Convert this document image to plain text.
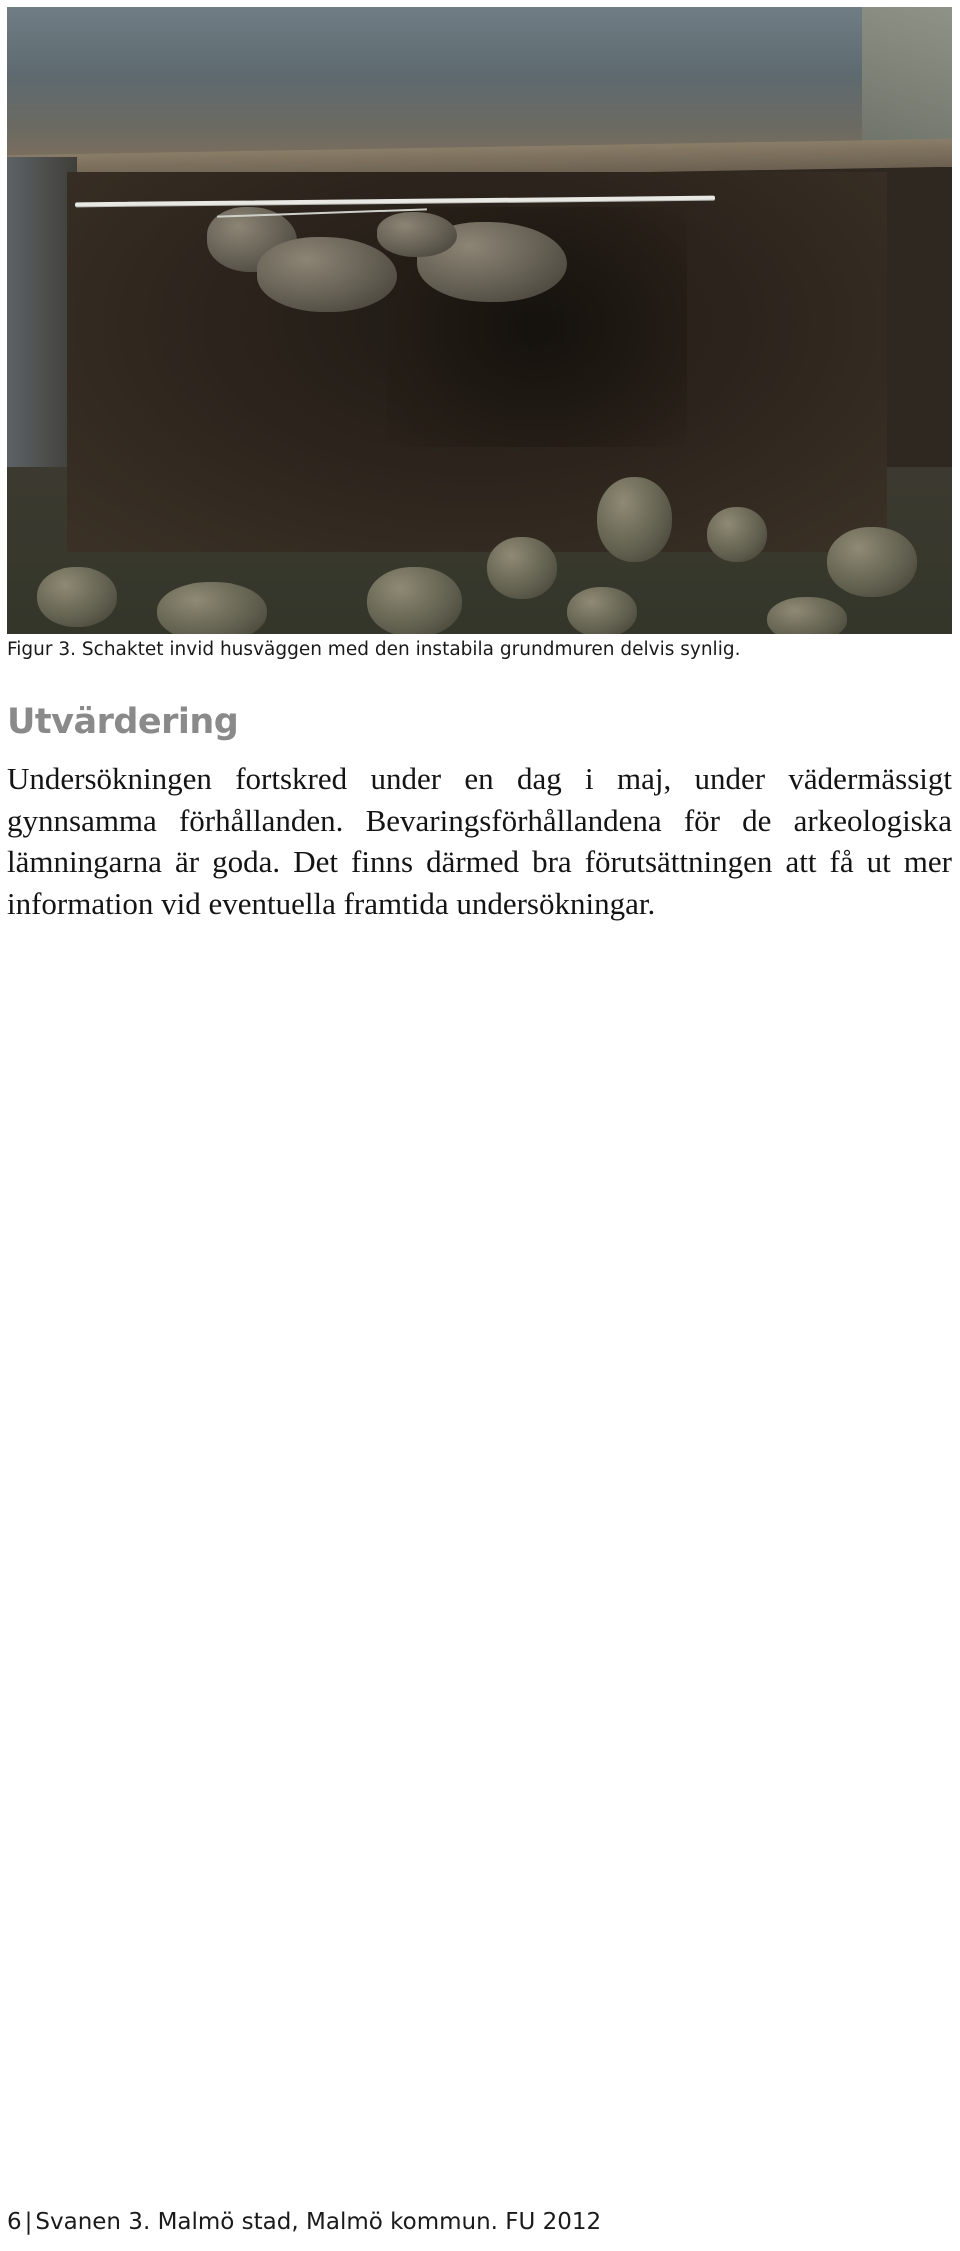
Figur 3. Schaktet invid husväggen med den instabila grundmuren delvis synlig.

Utvärdering

Undersökningen fortskred under en dag i maj, under vädermässigt gynnsamma förhållanden. Bevaringsförhållandena för de arkeologiska lämningarna är goda. Det finns därmed bra förutsättningen att få ut mer information vid eventuella framtida undersökningar.

6 | Svanen 3. Malmö stad, Malmö kommun. FU 2012
